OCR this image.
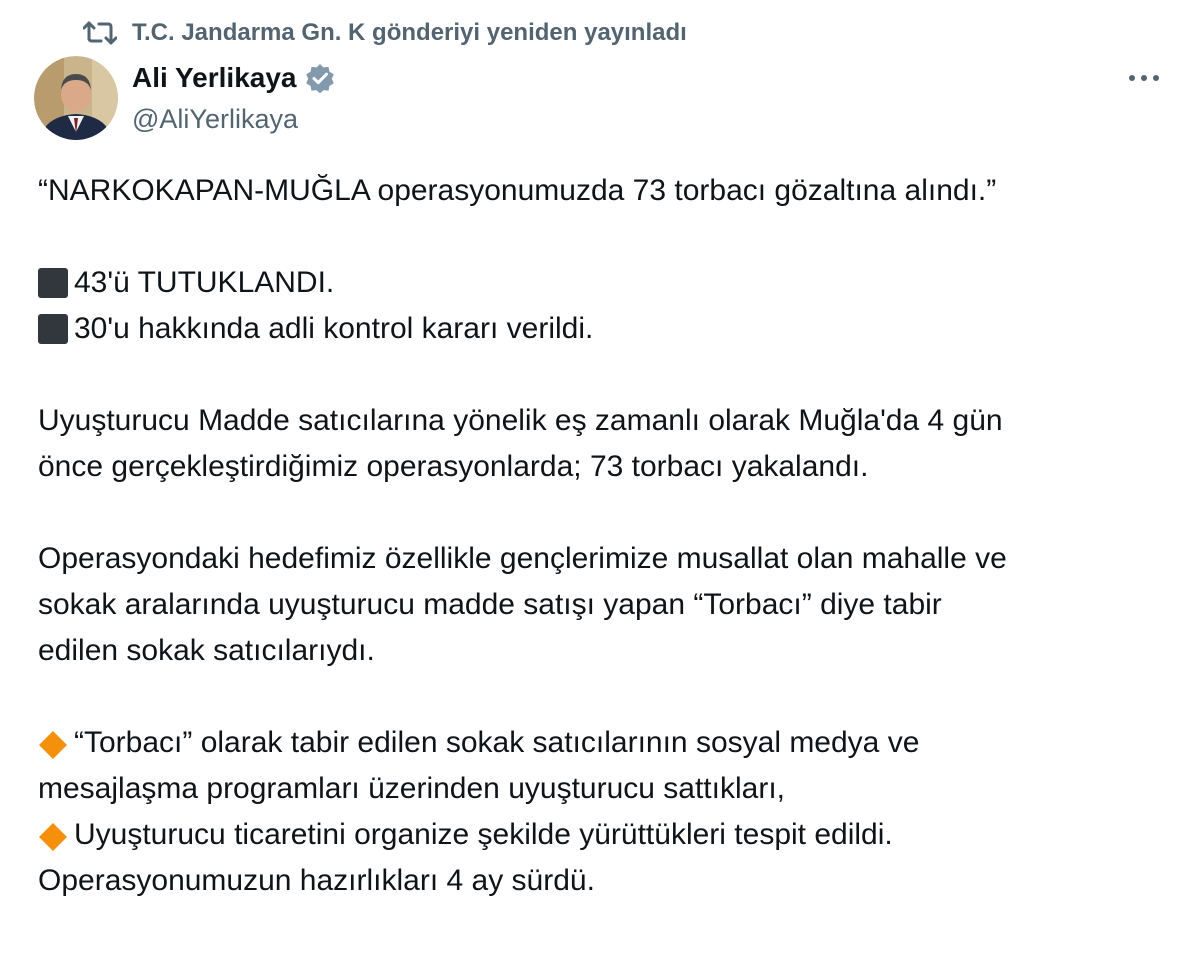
T.C. Jandarma Gn. K gönderiyi yeniden yayınladı
Ali Yerlikaya
@AliYerlikaya
“NARKOKAPAN-MUĞLA operasyonumuzda 73 torbacı gözaltına alındı.”
43'ü TUTUKLANDI.
30'u hakkında adli kontrol kararı verildi.
Uyuşturucu Madde satıcılarına yönelik eş zamanlı olarak Muğla'da 4 gün
önce gerçekleştirdiğimiz operasyonlarda; 73 torbacı yakalandı.
Operasyondaki hedefimiz özellikle gençlerimize musallat olan mahalle ve
sokak aralarında uyuşturucu madde satışı yapan “Torbacı” diye tabir
edilen sokak satıcılarıydı.
“Torbacı” olarak tabir edilen sokak satıcılarının sosyal medya ve
mesajlaşma programları üzerinden uyuşturucu sattıkları,
Uyuşturucu ticaretini organize şekilde yürüttükleri tespit edildi.
Operasyonumuzun hazırlıkları 4 ay sürdü.
